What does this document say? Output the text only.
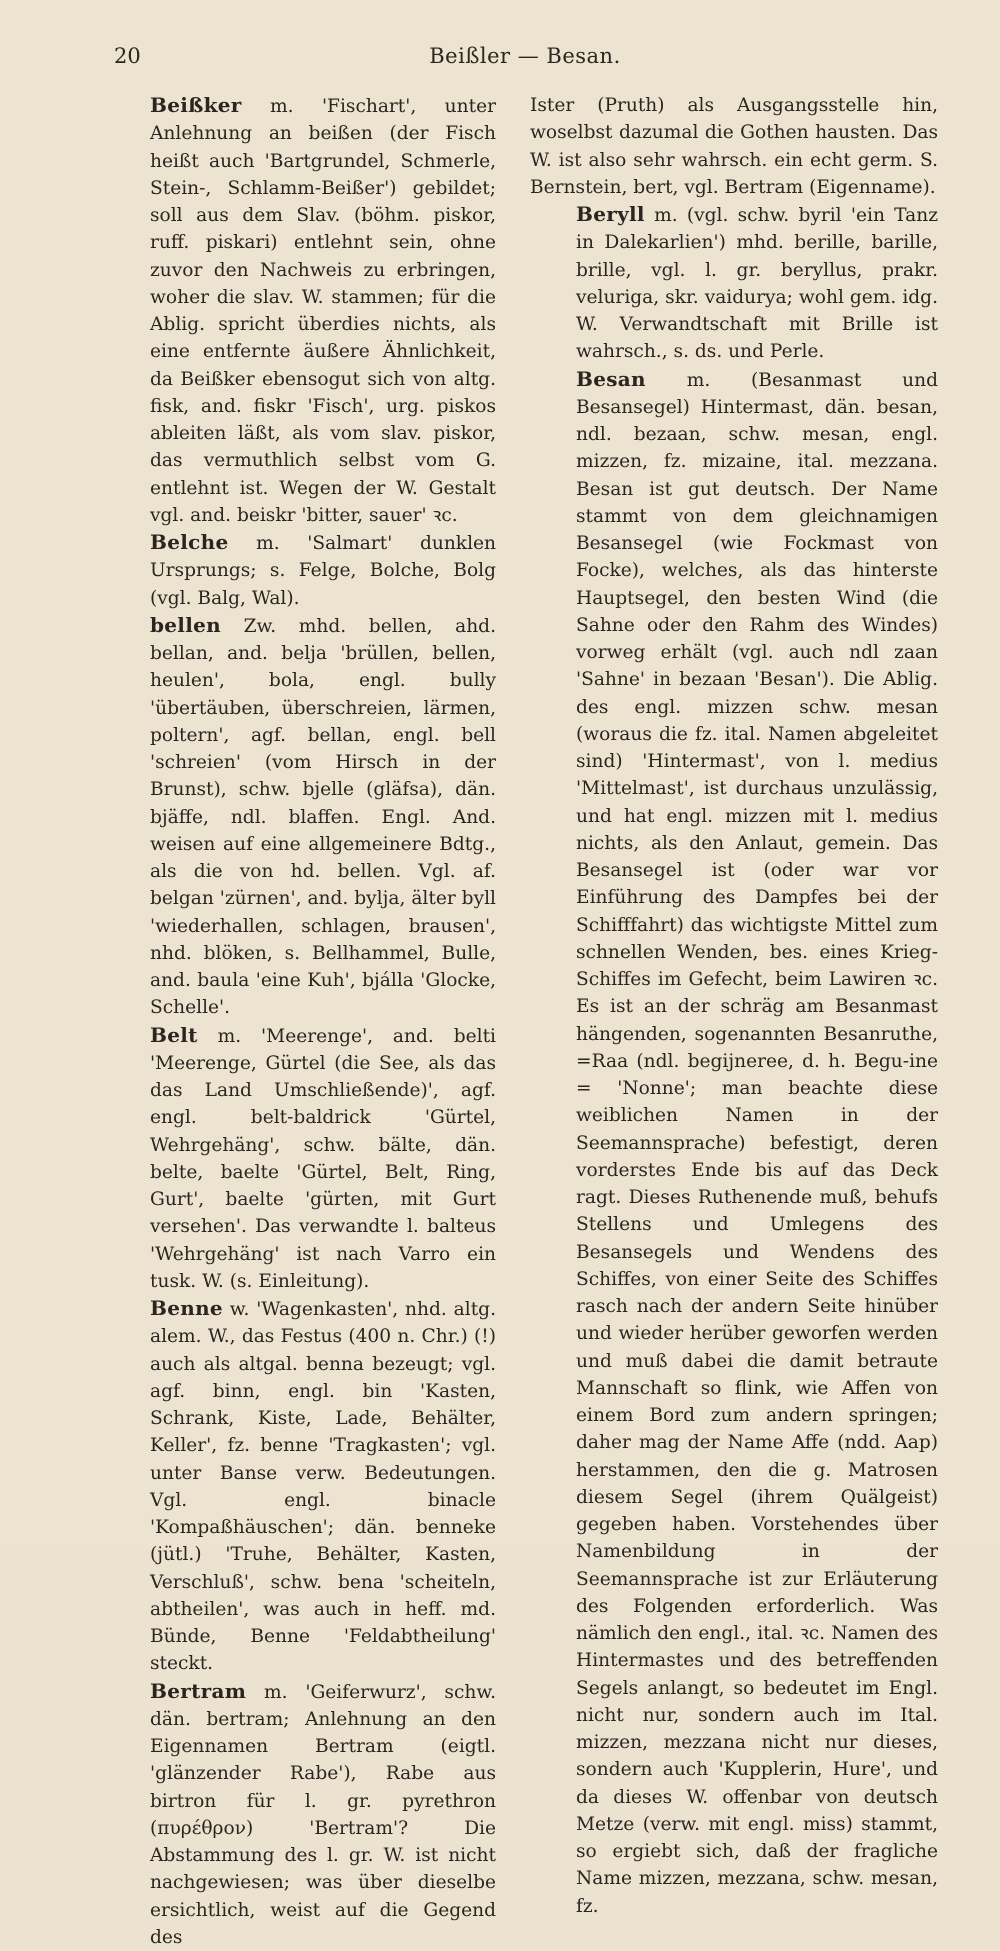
20	Beißler — Besan.

Beißker m. 'Fischart', unter Anlehnung an beißen (der Fisch heißt auch 'Bartgrundel, Schmerle, Stein-, Schlamm-Beißer') gebildet; soll aus dem Slav. (böhm. piskor, ruff. piskari) entlehnt sein, ohne zuvor den Nachweis zu erbringen, woher die slav. W. stammen; für die Ablig. spricht überdies nichts, als eine entfernte äußere Ähnlichkeit, da Beißker ebensogut sich von altg. fisk, and. fiskr 'Fisch', urg. piskos ableiten läßt, als vom slav. piskor, das vermuthlich selbst vom G. entlehnt ist. Wegen der W. Gestalt vgl. and. beiskr 'bitter, sauer' ꝛc.

Belche m. 'Salmart' dunklen Ursprungs; s. Felge, Bolche, Bolg (vgl. Balg, Wal).

bellen Zw. mhd. bellen, ahd. bellan, and. belja 'brüllen, bellen, heulen', bola, engl. bully 'übertäuben, überschreien, lärmen, poltern', agf. bellan, engl. bell 'schreien' (vom Hirsch in der Brunst), schw. bjelle (gläfsa), dän. bjäffe, ndl. blaffen. Engl. And. weisen auf eine allgemeinere Bdtg., als die von hd. bellen. Vgl. af. belgan 'zürnen', and. bylja, älter byll 'wiederhallen, schlagen, brausen', nhd. blöken, s. Bellhammel, Bulle, and. baula 'eine Kuh', bjálla 'Glocke, Schelle'.

Belt m. 'Meerenge', and. belti 'Meerenge, Gürtel (die See, als das das Land Umschließende)', agf. engl. belt-baldrick 'Gürtel, Wehrgehäng', schw. bälte, dän. belte, baelte 'Gürtel, Belt, Ring, Gurt', baelte 'gürten, mit Gurt versehen'. Das verwandte l. balteus 'Wehrgehäng' ist nach Varro ein tusk. W. (s. Einleitung).

Benne w. 'Wagenkasten', nhd. altg. alem. W., das Festus (400 n. Chr.) (!) auch als altgal. benna bezeugt; vgl. agf. binn, engl. bin 'Kasten, Schrank, Kiste, Lade, Behälter, Keller', fz. benne 'Tragkasten'; vgl. unter Banse verw. Bedeutungen. Vgl. engl. binacle 'Kompaßhäuschen'; dän. benneke (jütl.) 'Truhe, Behälter, Kasten, Verschluß', schw. bena 'scheiteln, abtheilen', was auch in heff. md. Bünde, Benne 'Feldabtheilung' steckt.

Bertram m. 'Geiferwurz', schw. dän. bertram; Anlehnung an den Eigennamen Bertram (eigtl. 'glänzender Rabe'), Rabe aus birtron für l. gr. pyrethron (πυρέθρον) 'Bertram'? Die Abstammung des l. gr. W. ist nicht nachgewiesen; was über dieselbe ersichtlich, weist auf die Gegend des

Ister (Pruth) als Ausgangsstelle hin, woselbst dazumal die Gothen hausten. Das W. ist also sehr wahrsch. ein echt germ. S. Bernstein, bert, vgl. Bertram (Eigenname).

Beryll m. (vgl. schw. byril 'ein Tanz in Dalekarlien') mhd. berille, barille, brille, vgl. l. gr. beryllus, prakr. veluriga, skr. vaidurya; wohl gem. idg. W. Verwandtschaft mit Brille ist wahrsch., s. ds. und Perle.

Besan m. (Besanmast und Besansegel) Hintermast, dän. besan, ndl. bezaan, schw. mesan, engl. mizzen, fz. mizaine, ital. mezzana. Besan ist gut deutsch. Der Name stammt von dem gleichnamigen Besansegel (wie Fockmast von Focke), welches, als das hinterste Hauptsegel, den besten Wind (die Sahne oder den Rahm des Windes) vorweg erhält (vgl. auch ndl zaan 'Sahne' in bezaan 'Besan'). Die Ablig. des engl. mizzen schw. mesan (woraus die fz. ital. Namen abgeleitet sind) 'Hintermast', von l. medius 'Mittelmast', ist durchaus unzulässig, und hat engl. mizzen mit l. medius nichts, als den Anlaut, gemein. Das Besansegel ist (oder war vor Einführung des Dampfes bei der Schifffahrt) das wichtigste Mittel zum schnellen Wenden, bes. eines Krieg-Schiffes im Gefecht, beim Lawiren ꝛc. Es ist an der schräg am Besanmast hängenden, sogenannten Besanruthe, =Raa (ndl. begijneree, d. h. Begu-ine = 'Nonne'; man beachte diese weiblichen Namen in der Seemannsprache) befestigt, deren vorderstes Ende bis auf das Deck ragt. Dieses Ruthenende muß, behufs Stellens und Umlegens des Besansegels und Wendens des Schiffes, von einer Seite des Schiffes rasch nach der andern Seite hinüber und wieder herüber geworfen werden und muß dabei die damit betraute Mannschaft so flink, wie Affen von einem Bord zum andern springen; daher mag der Name Affe (ndd. Aap) herstammen, den die g. Matrosen diesem Segel (ihrem Quälgeist) gegeben haben. Vorstehendes über Namenbildung in der Seemannsprache ist zur Erläuterung des Folgenden erforderlich. Was nämlich den engl., ital. ꝛc. Namen des Hintermastes und des betreffenden Segels anlangt, so bedeutet im Engl. nicht nur, sondern auch im Ital. mizzen, mezzana nicht nur dieses, sondern auch 'Kupplerin, Hure', und da dieses W. offenbar von deutsch Metze (verw. mit engl. miss) stammt, so ergiebt sich, daß der fragliche Name mizzen, mezzana, schw. mesan, fz.
